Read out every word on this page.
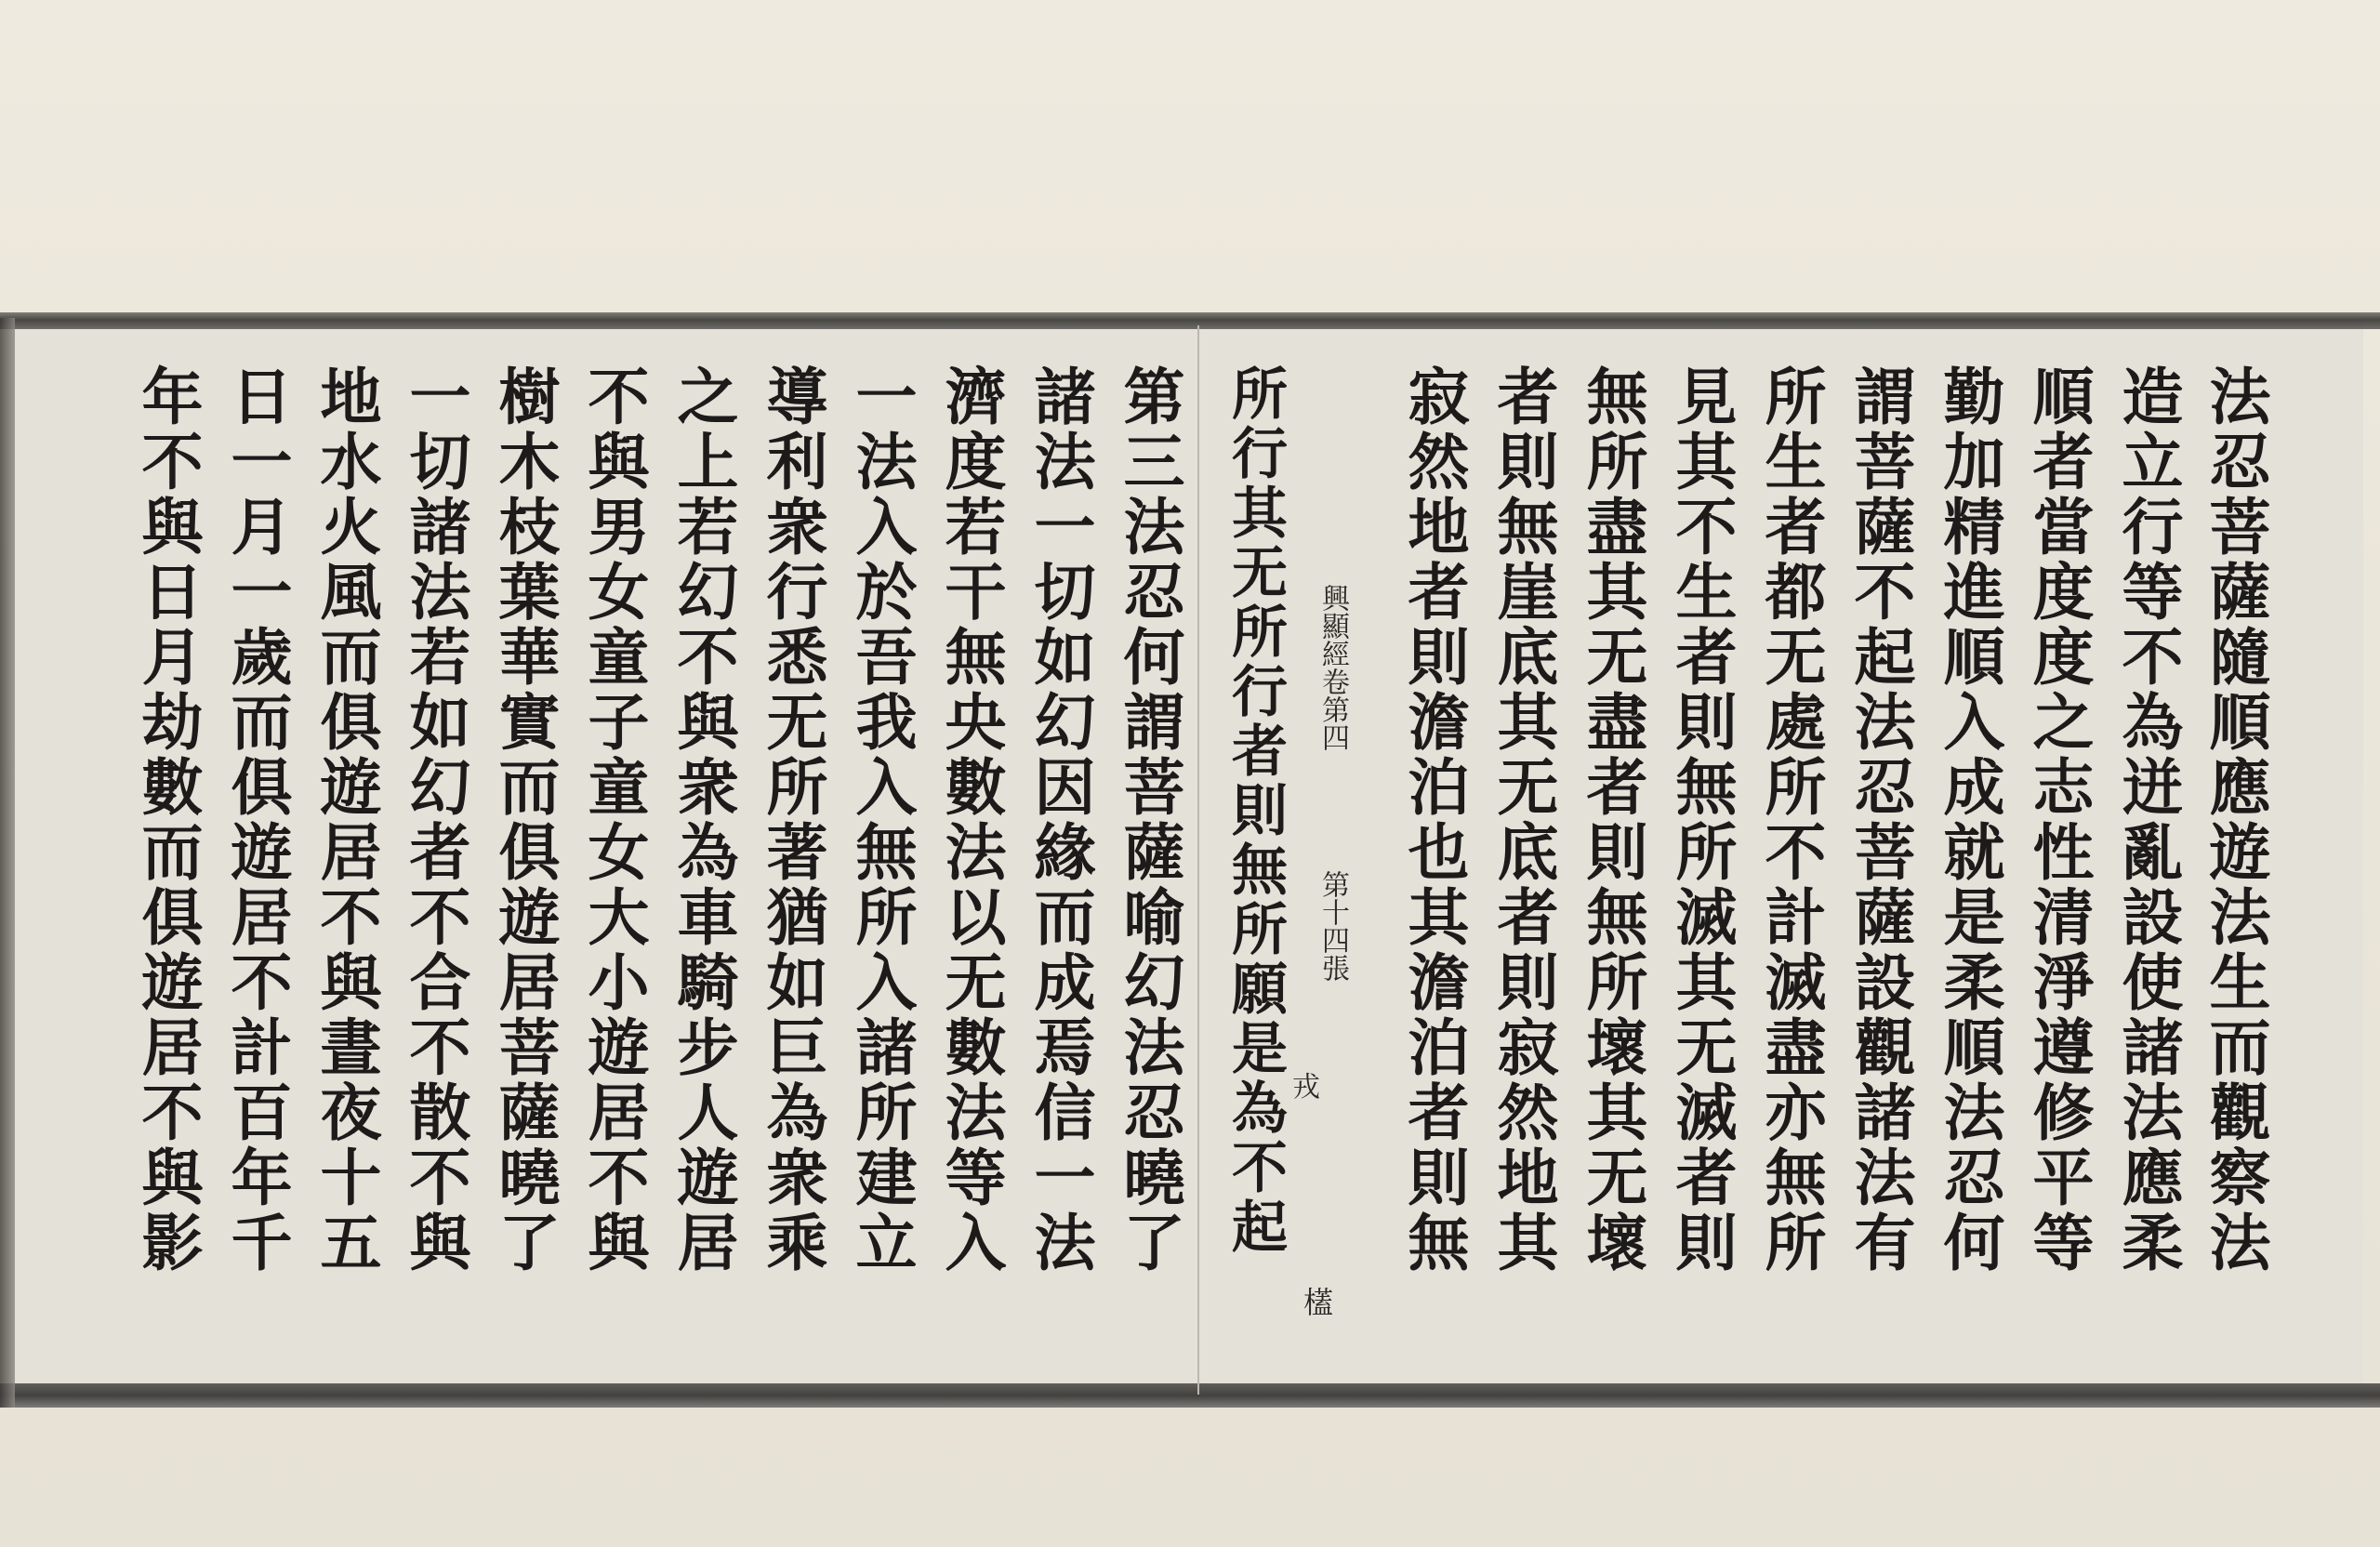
興顯經卷第四
第十四張
戎
㯼
法忍菩薩隨順應遊法生而觀察法
造立行等不為迸亂設使諸法應柔
順者當度度之志性清淨遵修平等
勤加精進順入成就是柔順法忍何
謂菩薩不起法忍菩薩設觀諸法有
所生者都无處所不計滅盡亦無所
見其不生者則無所滅其无滅者則
無所盡其无盡者則無所壞其无壞
者則無崖底其无底者則寂然地其
寂然地者則澹泊也其澹泊者則無
所行其无所行者則無所願是為不起
第三法忍何謂菩薩喻幻法忍曉了
諸法一切如幻因緣而成焉信一法
濟度若干無央數法以无數法等入
一法入於吾我入無所入諸所建立
導利衆行悉无所著猶如巨為衆乘
之上若幻不與衆為車騎步人遊居
不與男女童子童女大小遊居不與
樹木枝葉華實而俱遊居菩薩曉了
一切諸法若如幻者不合不散不與
地水火風而俱遊居不與晝夜十五
日一月一歲而俱遊居不計百年千
年不與日月劫數而俱遊居不與影
